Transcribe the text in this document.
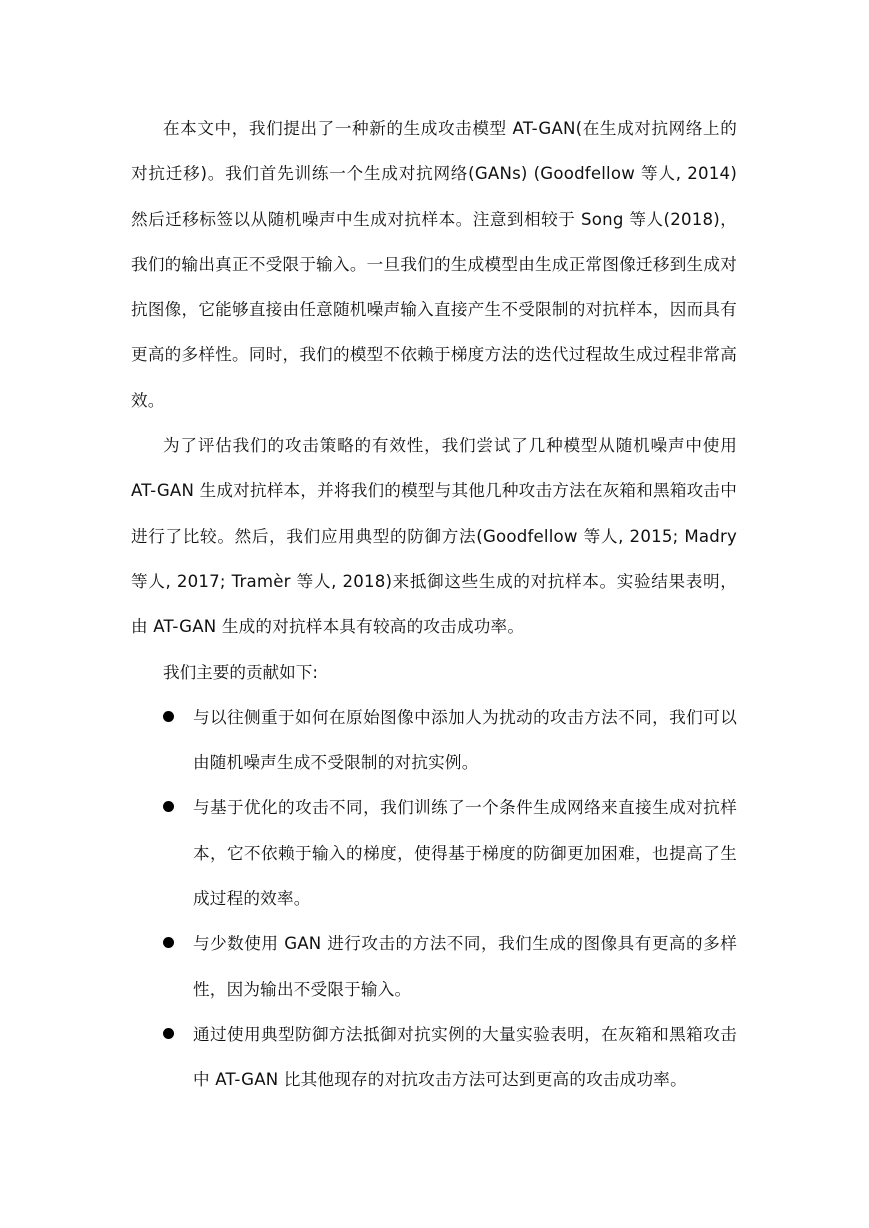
在本文中，我们提出了一种新的生成攻击模型 AT-GAN(在生成对抗网络上的对抗迁移)。我们首先训练一个生成对抗网络(GANs) (Goodfellow 等人, 2014)然后迁移标签以从随机噪声中生成对抗样本。注意到相较于 Song 等人(2018)，我们的输出真正不受限于输入。一旦我们的生成模型由生成正常图像迁移到生成对抗图像，它能够直接由任意随机噪声输入直接产生不受限制的对抗样本，因而具有更高的多样性。同时，我们的模型不依赖于梯度方法的迭代过程故生成过程非常高效。

为了评估我们的攻击策略的有效性，我们尝试了几种模型从随机噪声中使用 AT-GAN 生成对抗样本，并将我们的模型与其他几种攻击方法在灰箱和黑箱攻击中进行了比较。然后，我们应用典型的防御方法(Goodfellow 等人, 2015; Madry 等人, 2017; Tramèr 等人, 2018)来抵御这些生成的对抗样本。实验结果表明，由 AT-GAN 生成的对抗样本具有较高的攻击成功率。

我们主要的贡献如下:

与以往侧重于如何在原始图像中添加人为扰动的攻击方法不同，我们可以由随机噪声生成不受限制的对抗实例。
与基于优化的攻击不同，我们训练了一个条件生成网络来直接生成对抗样本，它不依赖于输入的梯度，使得基于梯度的防御更加困难，也提高了生成过程的效率。
与少数使用 GAN 进行攻击的方法不同，我们生成的图像具有更高的多样性，因为输出不受限于输入。
通过使用典型防御方法抵御对抗实例的大量实验表明，在灰箱和黑箱攻击中 AT-GAN 比其他现存的对抗攻击方法可达到更高的攻击成功率。
